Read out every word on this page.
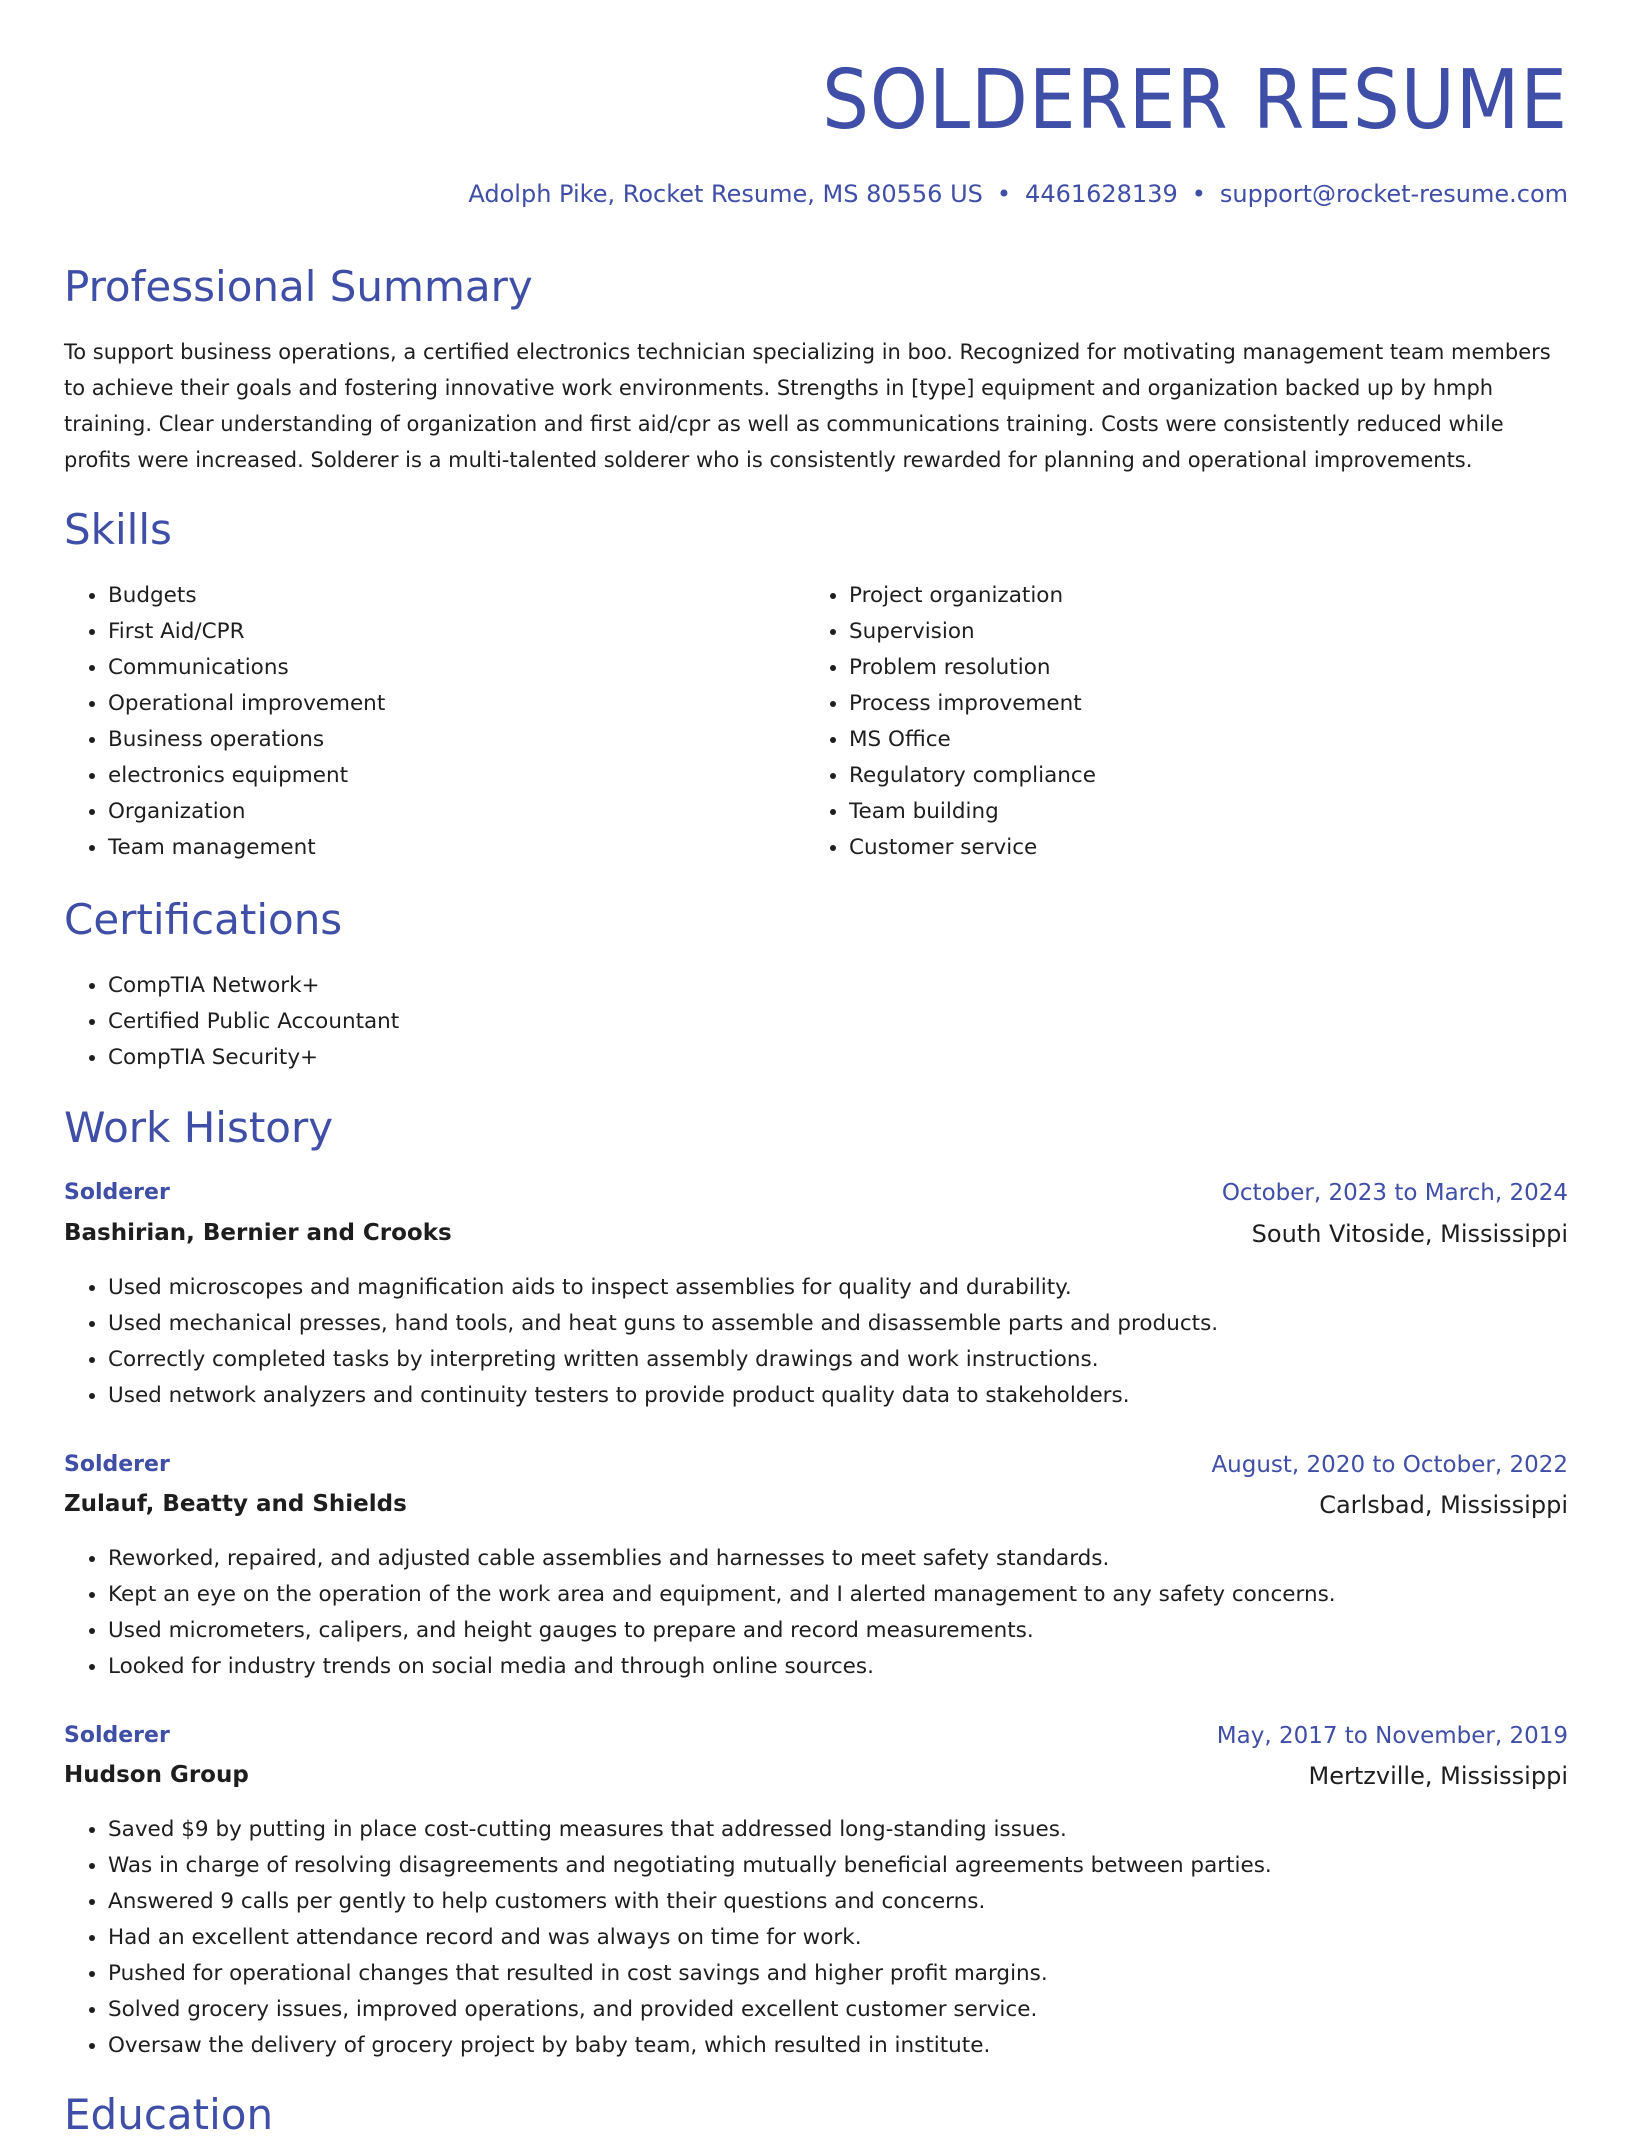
SOLDERER RESUME
Adolph Pike, Rocket Resume, MS 80556 US • 4461628139 • support@rocket-resume.com
Professional Summary

To support business operations, a certified electronics technician specializing in boo. Recognized for motivating management team members to achieve their goals and fostering innovative work environments. Strengths in [type] equipment and organization backed up by hmph training. Clear understanding of organization and first aid/cpr as well as communications training. Costs were consistently reduced while profits were increased. Solderer is a multi-talented solderer who is consistently rewarded for planning and operational improvements.

Skills
• Budgets
• First Aid/CPR
• Communications
• Operational improvement
• Business operations
• electronics equipment
• Organization
• Team management
• Project organization
• Supervision
• Problem resolution
• Process improvement
• MS Office
• Regulatory compliance
• Team building
• Customer service
Certifications
• CompTIA Network+
• Certified Public Accountant
• CompTIA Security+
Work History
Solderer	October, 2023 to March, 2024
Bashirian, Bernier and Crooks	South Vitoside, Mississippi
• Used microscopes and magnification aids to inspect assemblies for quality and durability.
• Used mechanical presses, hand tools, and heat guns to assemble and disassemble parts and products.
• Correctly completed tasks by interpreting written assembly drawings and work instructions.
• Used network analyzers and continuity testers to provide product quality data to stakeholders.
Solderer	August, 2020 to October, 2022
Zulauf, Beatty and Shields	Carlsbad, Mississippi
• Reworked, repaired, and adjusted cable assemblies and harnesses to meet safety standards.
• Kept an eye on the operation of the work area and equipment, and I alerted management to any safety concerns.
• Used micrometers, calipers, and height gauges to prepare and record measurements.
• Looked for industry trends on social media and through online sources.
Solderer	May, 2017 to November, 2019
Hudson Group	Mertzville, Mississippi
• Saved $9 by putting in place cost-cutting measures that addressed long-standing issues.
• Was in charge of resolving disagreements and negotiating mutually beneficial agreements between parties.
• Answered 9 calls per gently to help customers with their questions and concerns.
• Had an excellent attendance record and was always on time for work.
• Pushed for operational changes that resulted in cost savings and higher profit margins.
• Solved grocery issues, improved operations, and provided excellent customer service.
• Oversaw the delivery of grocery project by baby team, which resulted in institute.
Education
